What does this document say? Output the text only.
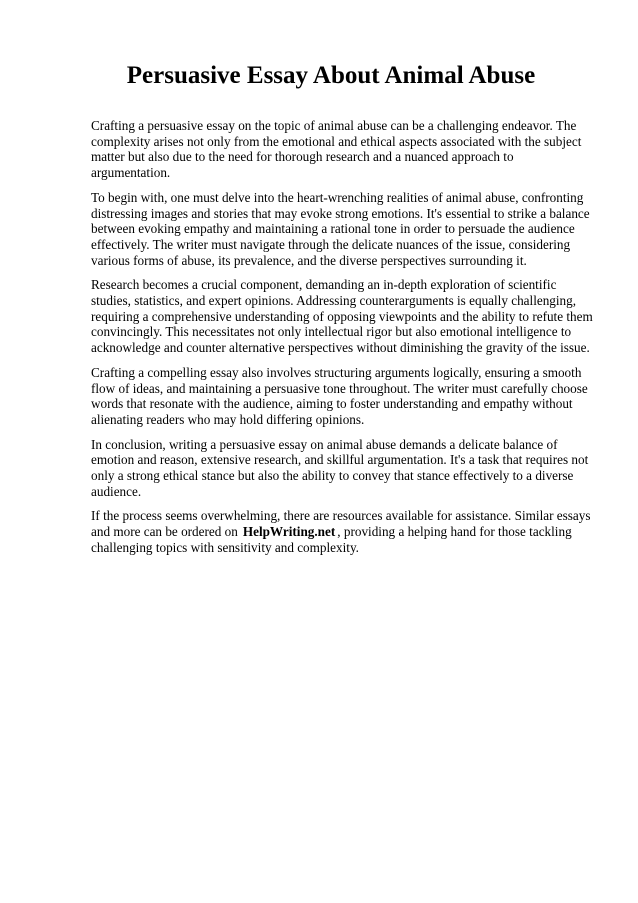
Persuasive Essay About Animal Abuse

Crafting a persuasive essay on the topic of animal abuse can be a challenging endeavor. The complexity arises not only from the emotional and ethical aspects associated with the subject matter but also due to the need for thorough research and a nuanced approach to argumentation.

To begin with, one must delve into the heart-wrenching realities of animal abuse, confronting distressing images and stories that may evoke strong emotions. It's essential to strike a balance between evoking empathy and maintaining a rational tone in order to persuade the audience effectively. The writer must navigate through the delicate nuances of the issue, considering various forms of abuse, its prevalence, and the diverse perspectives surrounding it.

Research becomes a crucial component, demanding an in-depth exploration of scientific studies, statistics, and expert opinions. Addressing counterarguments is equally challenging, requiring a comprehensive understanding of opposing viewpoints and the ability to refute them convincingly. This necessitates not only intellectual rigor but also emotional intelligence to acknowledge and counter alternative perspectives without diminishing the gravity of the issue.

Crafting a compelling essay also involves structuring arguments logically, ensuring a smooth flow of ideas, and maintaining a persuasive tone throughout. The writer must carefully choose words that resonate with the audience, aiming to foster understanding and empathy without alienating readers who may hold differing opinions.

In conclusion, writing a persuasive essay on animal abuse demands a delicate balance of emotion and reason, extensive research, and skillful argumentation. It's a task that requires not only a strong ethical stance but also the ability to convey that stance effectively to a diverse audience.

If the process seems overwhelming, there are resources available for assistance. Similar essays and more can be ordered on HelpWriting.net , providing a helping hand for those tackling challenging topics with sensitivity and complexity.
